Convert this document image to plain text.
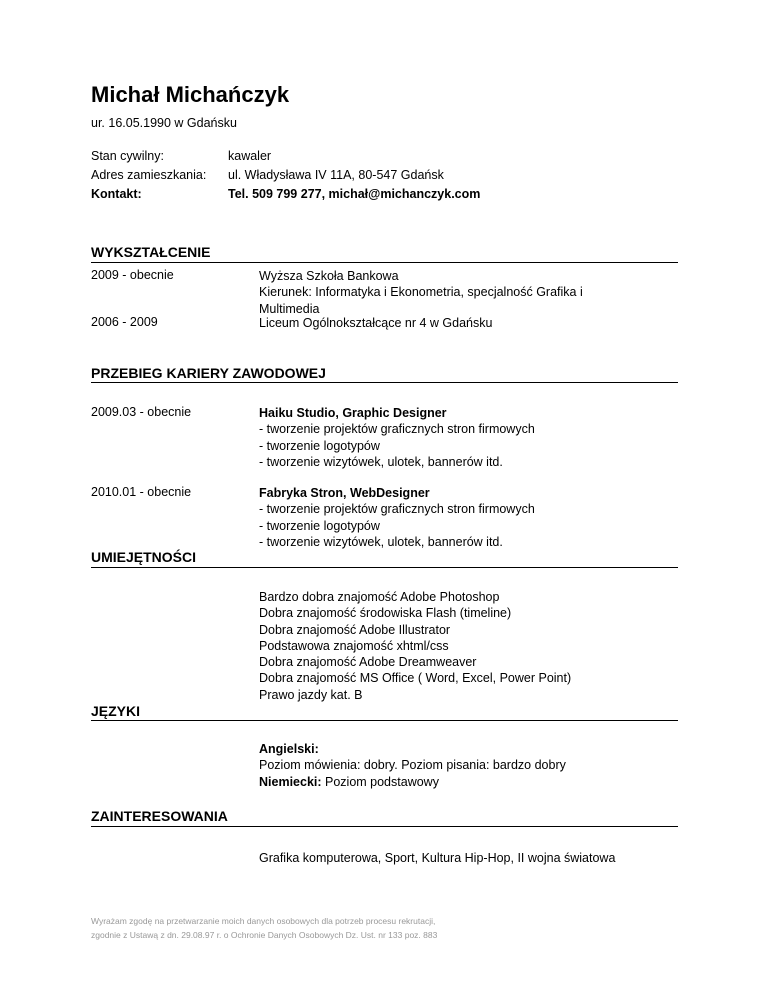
Michał Michańczyk
ur. 16.05.1990 w Gdańsku
Stan cywilny:	kawaler
Adres zamieszkania: ul. Władysława IV 11A, 80-547 Gdańsk
Kontakt:	Tel. 509 799 277, michał@michanczyk.com
WYKSZTAŁCENIE
2009 - obecnie	Wyższa Szkoła Bankowa
Kierunek: Informatyka i Ekonometria, specjalność Grafika i Multimedia
2006 - 2009	Liceum Ogólnokształcące nr 4 w Gdańsku
PRZEBIEG KARIERY ZAWODOWEJ
2009.03 - obecnie	Haiku Studio, Graphic Designer
- tworzenie projektów graficznych stron firmowych
- tworzenie logotypów
- tworzenie wizytówek, ulotek, bannerów itd.
2010.01 - obecnie	Fabryka Stron, WebDesigner
- tworzenie projektów graficznych stron firmowych
- tworzenie logotypów
- tworzenie wizytówek, ulotek, bannerów itd.
UMIEJĘTNOŚCI
Bardzo dobra znajomość Adobe Photoshop
Dobra znajomość środowiska Flash (timeline)
Dobra znajomość Adobe Illustrator
Podstawowa znajomość xhtml/css
Dobra znajomość Adobe Dreamweaver
Dobra znajomość MS Office ( Word, Excel, Power Point)
Prawo jazdy kat. B
JĘZYKI
Angielski:
Poziom mówienia: dobry. Poziom pisania: bardzo dobry
Niemiecki: Poziom podstawowy
ZAINTERESOWANIA
Grafika komputerowa, Sport, Kultura Hip-Hop, II wojna światowa
Wyrażam zgodę na przetwarzanie moich danych osobowych dla potrzeb procesu rekrutacji,
zgodnie z Ustawą z dn. 29.08.97 r. o Ochronie Danych Osobowych Dz. Ust. nr 133 poz. 883
